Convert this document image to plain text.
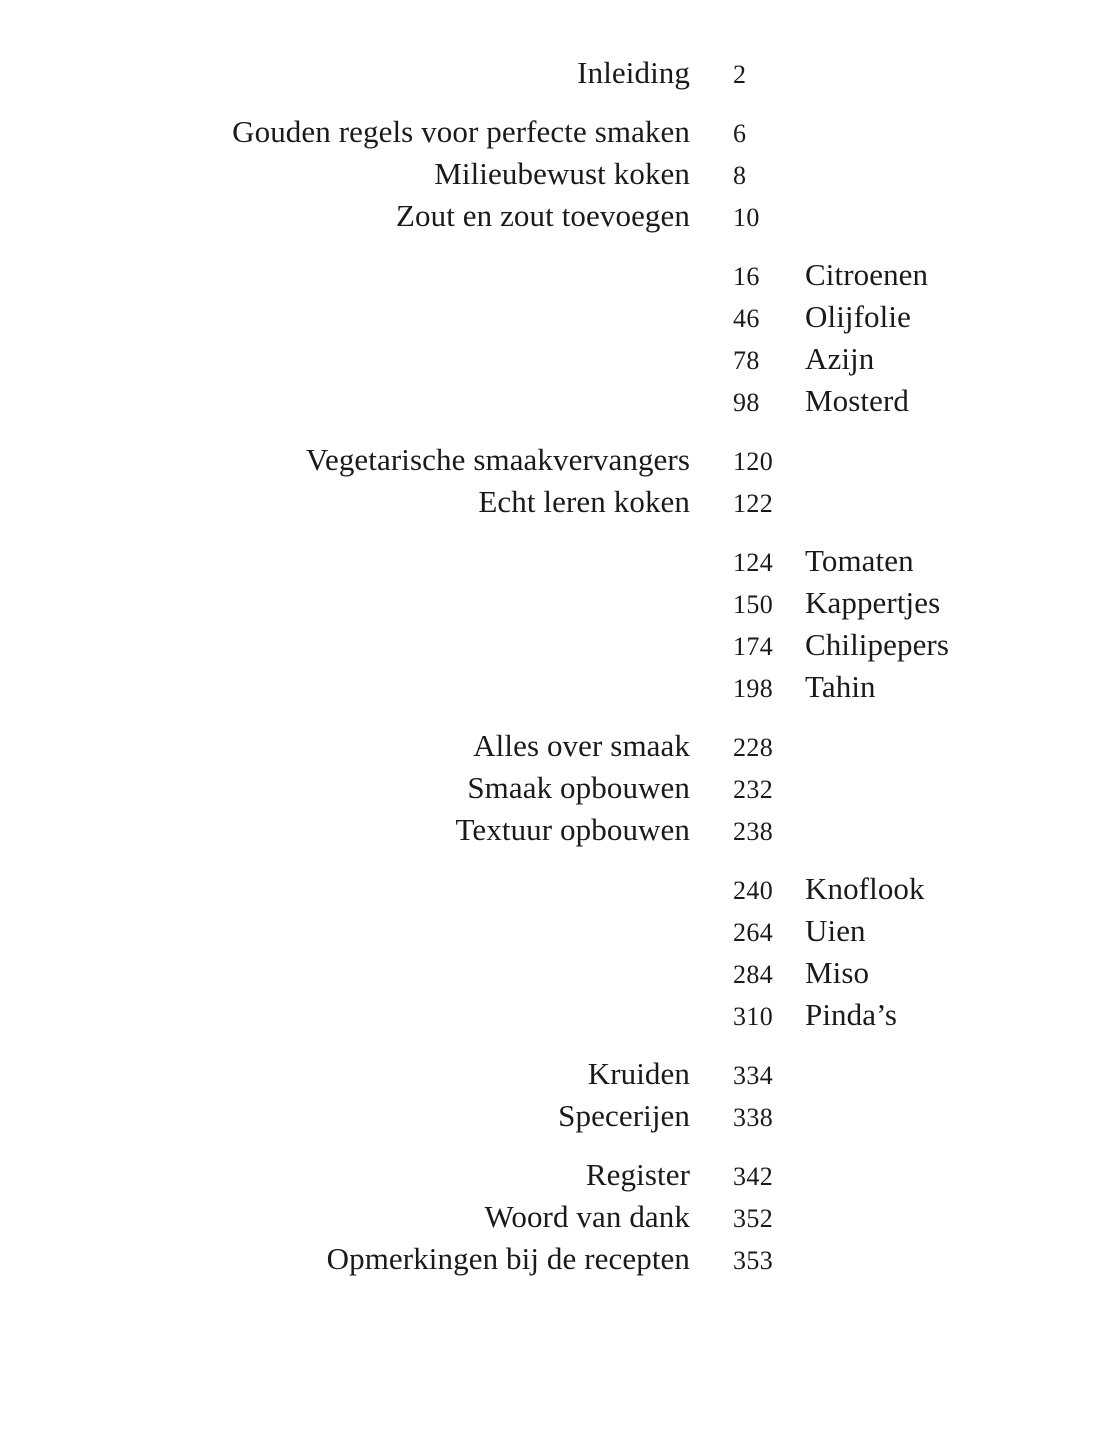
Inleiding	2
Gouden regels voor perfecte smaken	6
Milieubewust koken	8
Zout en zout toevoegen	10
16	Citroenen
46	Olijfolie
78	Azijn
98	Mosterd
Vegetarische smaakvervangers	120
Echt leren koken	122
124	Tomaten
150	Kappertjes
174	Chilipepers
198	Tahin
Alles over smaak	228
Smaak opbouwen	232
Textuur opbouwen	238
240	Knoflook
264	Uien
284	Miso
310	Pinda’s
Kruiden	334
Specerijen	338
Register	342
Woord van dank	352
Opmerkingen bij de recepten	353
